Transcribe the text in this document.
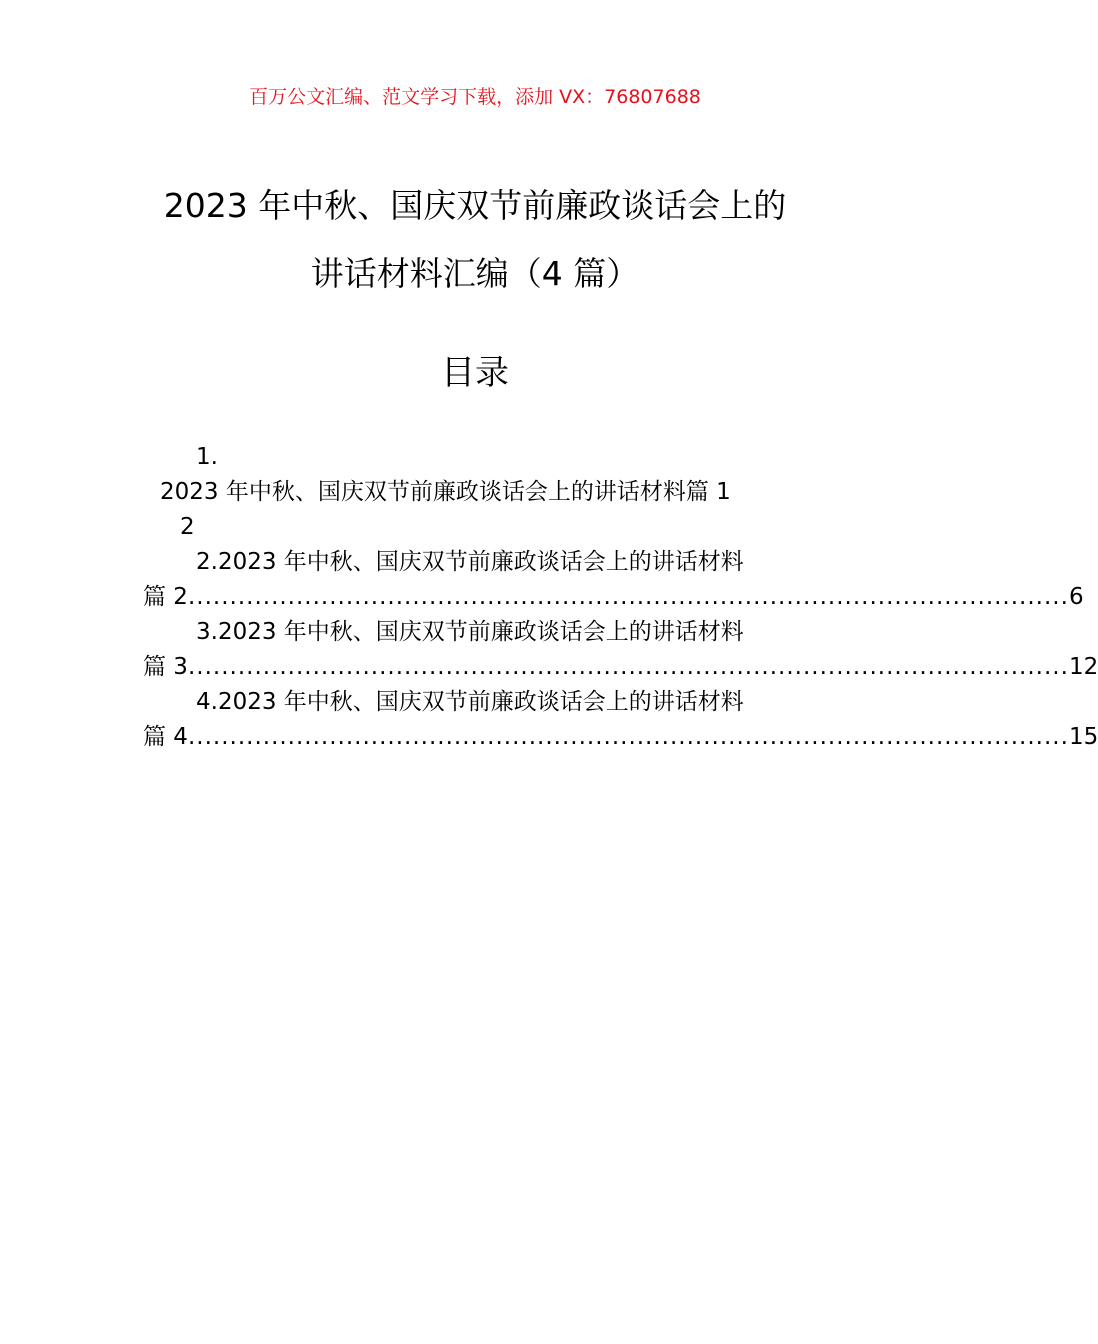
百万公文汇编、范文学习下载，添加 VX：76807688
2023 年中秋、国庆双节前廉政谈话会上的
讲话材料汇编（4 篇）
目录
1.
2023 年中秋、国庆双节前廉政谈话会上的讲话材料篇 1
2
2.2023 年中秋、国庆双节前廉政谈话会上的讲话材料
篇 2 .......................................................................................................... 6
3.2023 年中秋、国庆双节前廉政谈话会上的讲话材料
篇 3 .......................................................................................................... 12
4.2023 年中秋、国庆双节前廉政谈话会上的讲话材料
篇 4 .......................................................................................................... 15
